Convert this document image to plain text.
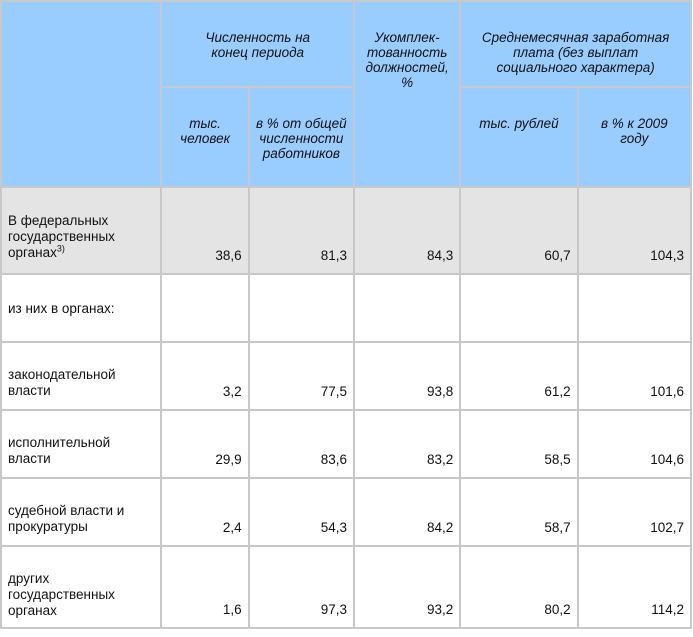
	Численность на конец периода		Укомплек- тованность должностей, %	Среднемесячная заработная плата (без выплат социального характера)	

	тыс. человек	в % от общей численности работников		тыс. рублей	в % к 2009 году

В федеральных государственных органах$^{3)}$	38,6	81,3	84,3	60,7	104,3

из них в органах:					

законодательной власти	3,2	77,5	93,8	61,2	101,6

исполнительной власти	29,9	83,6	83,2	58,5	104,6

судебной власти и прокуратуры	2,4	54,3	84,2	58,7	102,7

других государственных органах	1,6	97,3	93,2	80,2	114,2
